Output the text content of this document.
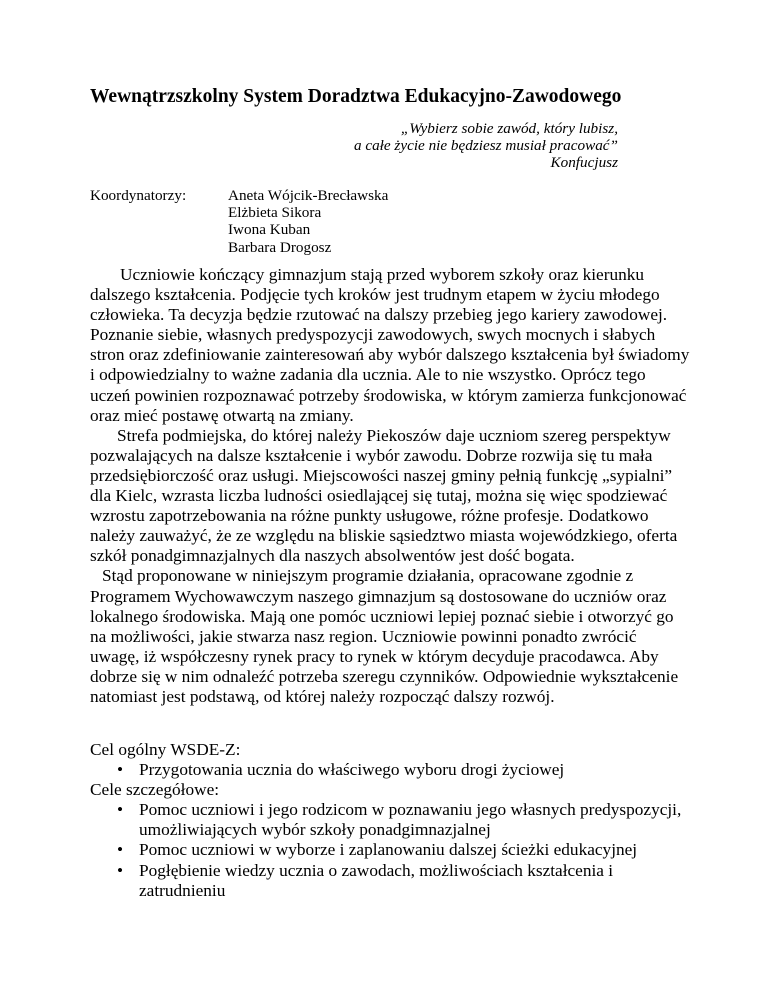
Wewnątrzszkolny System Doradztwa Edukacyjno-Zawodowego
„Wybierz sobie zawód, który lubisz,
a całe życie nie będziesz musiał pracować”
Konfucjusz
Koordynatorzy:	Aneta Wójcik-Brecławska
Elżbieta Sikora
Iwona Kuban
Barbara Drogosz

Uczniowie kończący gimnazjum stają przed wyborem szkoły oraz kierunku dalszego kształcenia. Podjęcie tych kroków jest trudnym etapem w życiu młodego człowieka. Ta decyzja będzie rzutować na dalszy przebieg jego kariery zawodowej. Poznanie siebie, własnych predyspozycji zawodowych, swych mocnych i słabych stron oraz zdefiniowanie zainteresowań aby wybór dalszego kształcenia był świadomy i odpowiedzialny to ważne zadania dla ucznia. Ale to nie wszystko. Oprócz tego uczeń powinien rozpoznawać potrzeby środowiska, w którym zamierza funkcjonować oraz mieć postawę otwartą na zmiany.

Strefa podmiejska, do której należy Piekoszów daje uczniom szereg perspektyw pozwalających na dalsze kształcenie i wybór zawodu. Dobrze rozwija się tu mała przedsiębiorczość oraz usługi. Miejscowości naszej gminy pełnią funkcję „sypialni” dla Kielc, wzrasta liczba ludności osiedlającej się tutaj, można się więc spodziewać wzrostu zapotrzebowania na różne punkty usługowe, różne profesje. Dodatkowo należy zauważyć, że ze względu na bliskie sąsiedztwo miasta wojewódzkiego, oferta szkół ponadgimnazjalnych dla naszych absolwentów jest dość bogata.

Stąd proponowane w niniejszym programie działania, opracowane zgodnie z Programem Wychowawczym naszego gimnazjum są dostosowane do uczniów oraz lokalnego środowiska. Mają one pomóc uczniowi lepiej poznać siebie i otworzyć go na możliwości, jakie stwarza nasz region. Uczniowie powinni ponadto zwrócić uwagę, iż współczesny rynek pracy to rynek w którym decyduje pracodawca. Aby dobrze się w nim odnaleźć potrzeba szeregu czynników. Odpowiednie wykształcenie natomiast jest podstawą, od której należy rozpocząć dalszy rozwój.

Cel ogólny WSDE-Z:
• Przygotowania ucznia do właściwego wyboru drogi życiowej
Cele szczegółowe:
• Pomoc uczniowi i jego rodzicom w poznawaniu jego własnych predyspozycji, umożliwiających wybór szkoły ponadgimnazjalnej
• Pomoc uczniowi w wyborze i zaplanowaniu dalszej ścieżki edukacyjnej
• Pogłębienie wiedzy ucznia o zawodach, możliwościach kształcenia i zatrudnieniu
